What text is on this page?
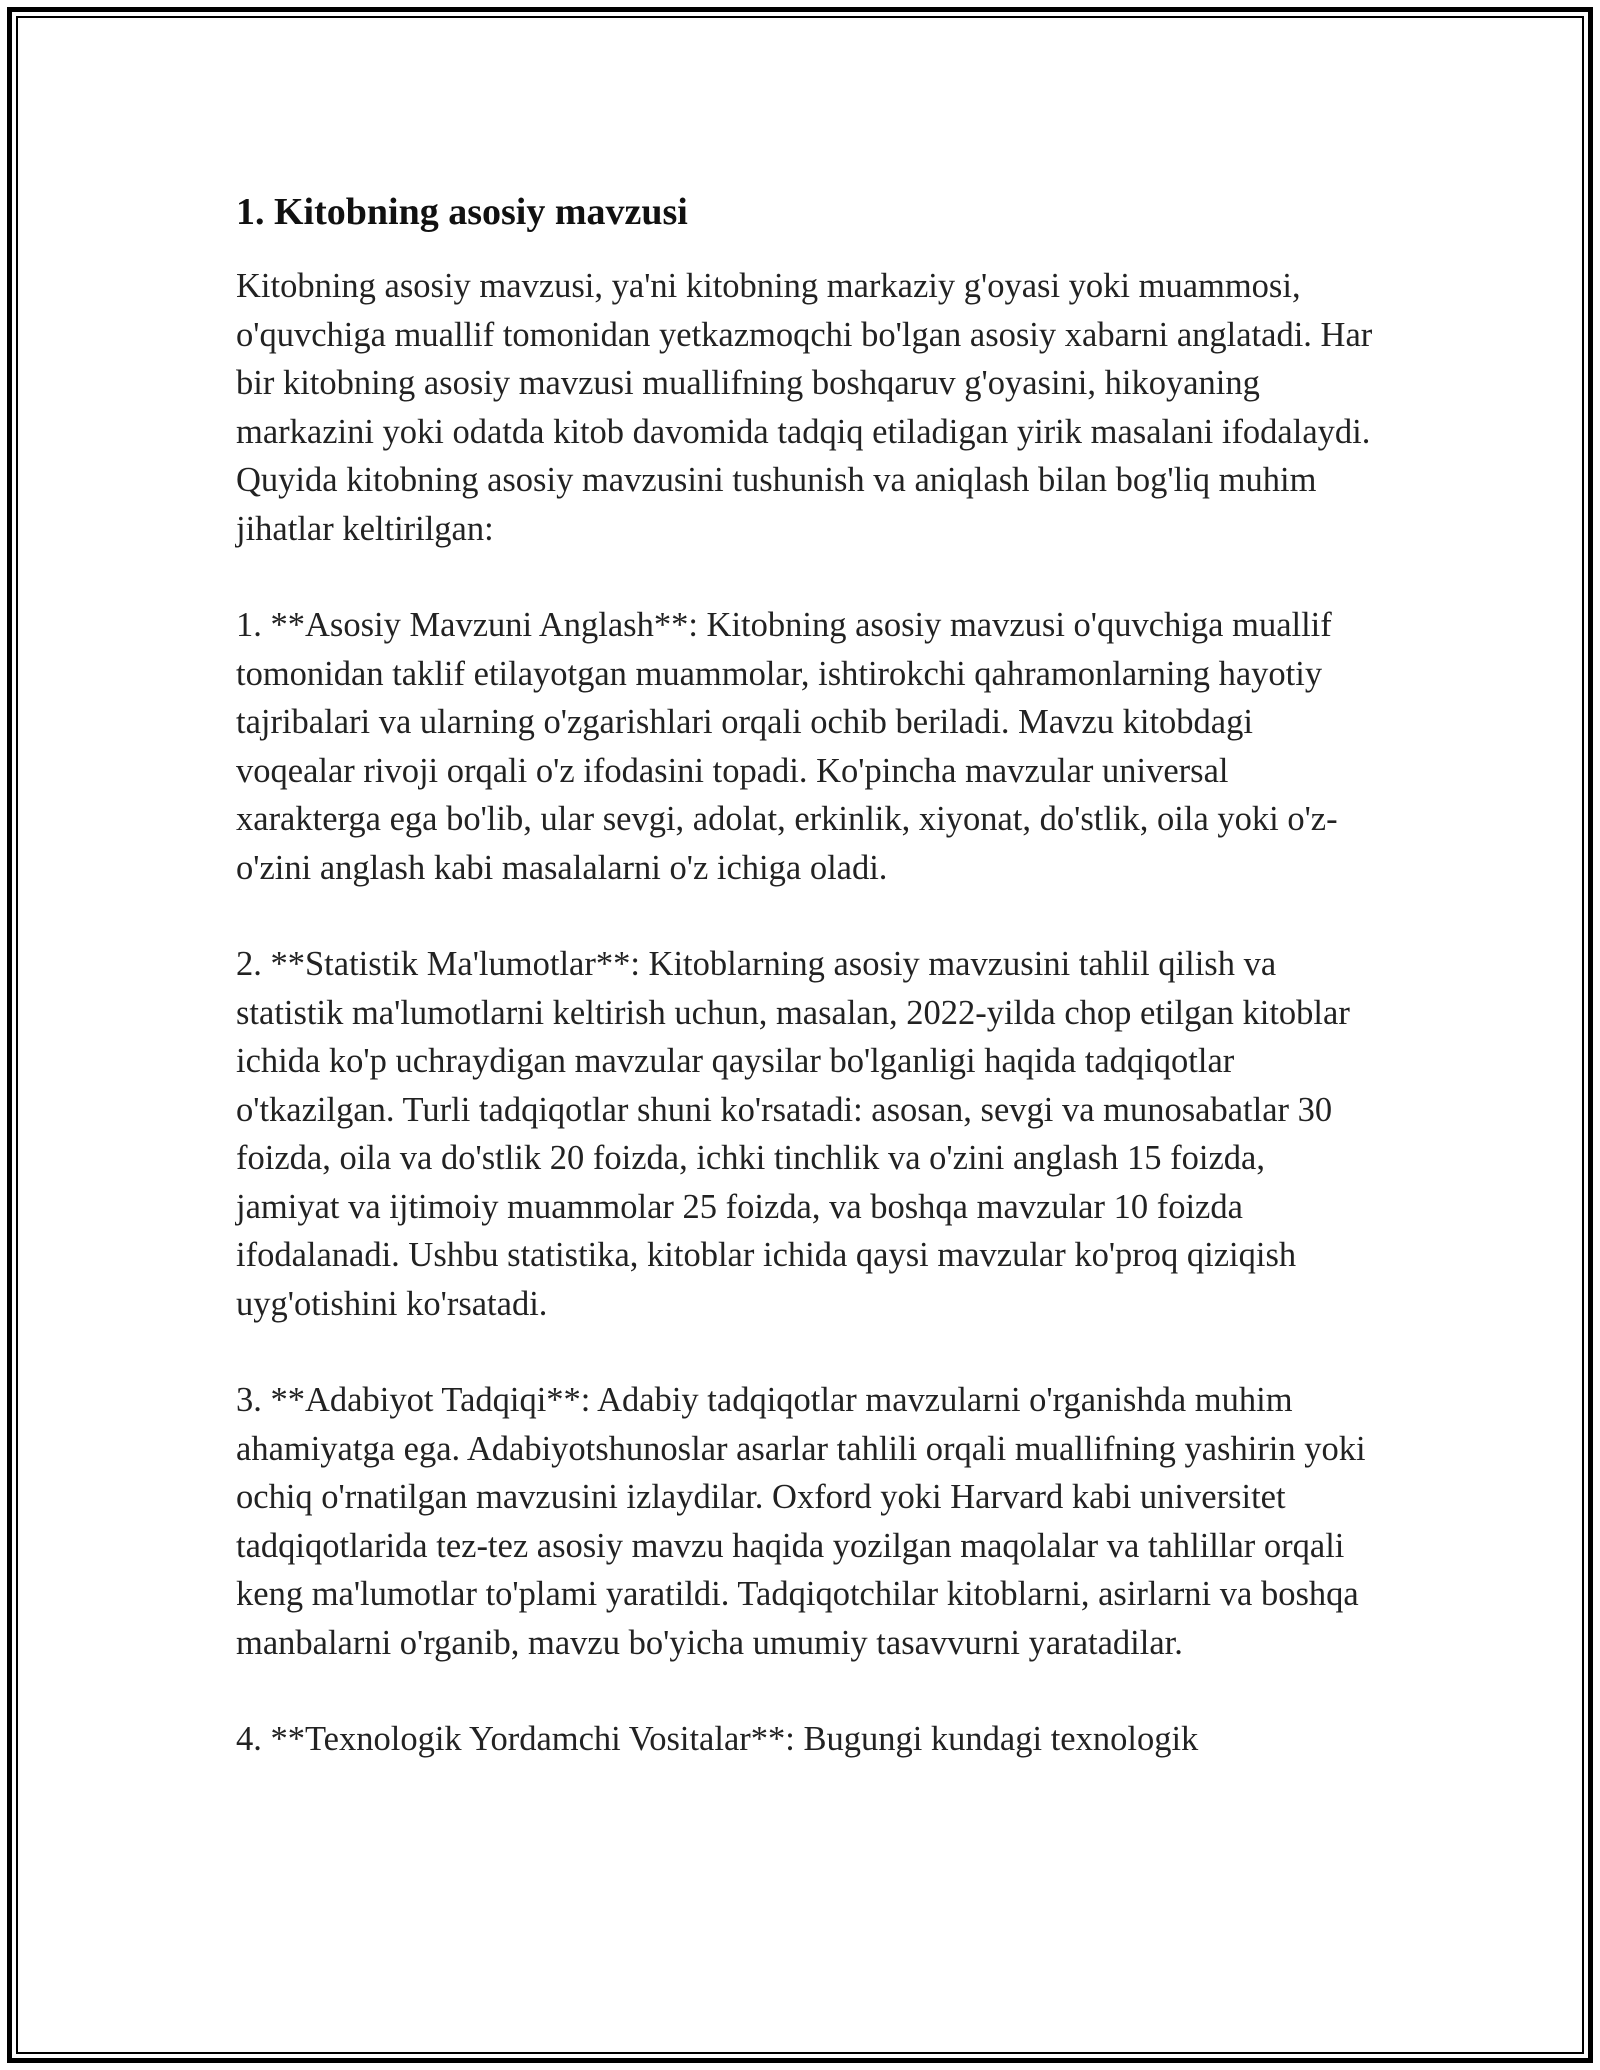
1. Kitobning asosiy mavzusi

Kitobning asosiy mavzusi, ya'ni kitobning markaziy g'oyasi yoki muammosi, o'quvchiga muallif tomonidan yetkazmoqchi bo'lgan asosiy xabarni anglatadi. Har bir kitobning asosiy mavzusi muallifning boshqaruv g'oyasini, hikoyaning markazini yoki odatda kitob davomida tadqiq etiladigan yirik masalani ifodalaydi. Quyida kitobning asosiy mavzusini tushunish va aniqlash bilan bog'liq muhim jihatlar keltirilgan:

1. **Asosiy Mavzuni Anglash**: Kitobning asosiy mavzusi o'quvchiga muallif tomonidan taklif etilayotgan muammolar, ishtirokchi qahramonlarning hayotiy tajribalari va ularning o'zgarishlari orqali ochib beriladi. Mavzu kitobdagi voqealar rivoji orqali o'z ifodasini topadi. Ko'pincha mavzular universal xarakterga ega bo'lib, ular sevgi, adolat, erkinlik, xiyonat, do'stlik, oila yoki o'z-o'zini anglash kabi masalalarni o'z ichiga oladi.

2. **Statistik Ma'lumotlar**: Kitoblarning asosiy mavzusini tahlil qilish va statistik ma'lumotlarni keltirish uchun, masalan, 2022-yilda chop etilgan kitoblar ichida ko'p uchraydigan mavzular qaysilar bo'lganligi haqida tadqiqotlar o'tkazilgan. Turli tadqiqotlar shuni ko'rsatadi: asosan, sevgi va munosabatlar 30 foizda, oila va do'stlik 20 foizda, ichki tinchlik va o'zini anglash 15 foizda, jamiyat va ijtimoiy muammolar 25 foizda, va boshqa mavzular 10 foizda ifodalanadi. Ushbu statistika, kitoblar ichida qaysi mavzular ko'proq qiziqish uyg'otishini ko'rsatadi.

3. **Adabiyot Tadqiqi**: Adabiy tadqiqotlar mavzularni o'rganishda muhim ahamiyatga ega. Adabiyotshunoslar asarlar tahlili orqali muallifning yashirin yoki ochiq o'rnatilgan mavzusini izlaydilar. Oxford yoki Harvard kabi universitet tadqiqotlarida tez-tez asosiy mavzu haqida yozilgan maqolalar va tahlillar orqali keng ma'lumotlar to'plami yaratildi. Tadqiqotchilar kitoblarni, asirlarni va boshqa manbalarni o'rganib, mavzu bo'yicha umumiy tasavvurni yaratadilar.

4. **Texnologik Yordamchi Vositalar**: Bugungi kundagi texnologik
